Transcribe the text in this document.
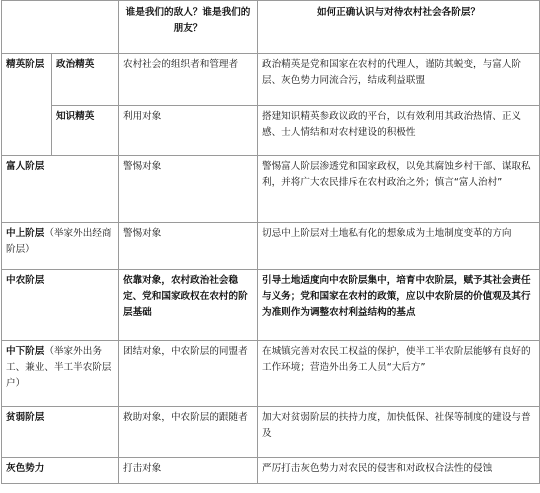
		谁是我们的敌人？谁是我们的朋友？	如何正确认识与对待农村社会各阶层？
精英阶层	政治精英	农村社会的组织者和管理者	政治精英是党和国家在农村的代理人，谨防其蜕变，与富人阶层、灰色势力同流合污，结成利益联盟
	知识精英	利用对象	搭建知识精英参政议政的平台，以有效利用其政治热情、正义感、士人情结和对农村建设的积极性
富人阶层		警惕对象	警惕富人阶层渗透党和国家政权，以免其腐蚀乡村干部、谋取私利，并将广大农民排斥在农村政治之外；慎言“富人治村”
中上阶层（举家外出经商阶层）		警惕对象	切忌中上阶层对土地私有化的想象成为土地制度变革的方向
中农阶层		依靠对象，农村政治社会稳定、党和国家政权在农村的阶层基础	引导土地适度向中农阶层集中，培育中农阶层，赋予其社会责任与义务；党和国家在农村的政策，应以中农阶层的价值观及其行为准则作为调整农村利益结构的基点
中下阶层（举家外出务工、兼业、半工半农阶层户）		团结对象，中农阶层的同盟者	在城镇完善对农民工权益的保护，使半工半农阶层能够有良好的工作环境；营造外出务工人员“大后方”
贫弱阶层		救助对象，中农阶层的跟随者	加大对贫弱阶层的扶持力度，加快低保、社保等制度的建设与普及
灰色势力		打击对象	严厉打击灰色势力对农民的侵害和对政权合法性的侵蚀
